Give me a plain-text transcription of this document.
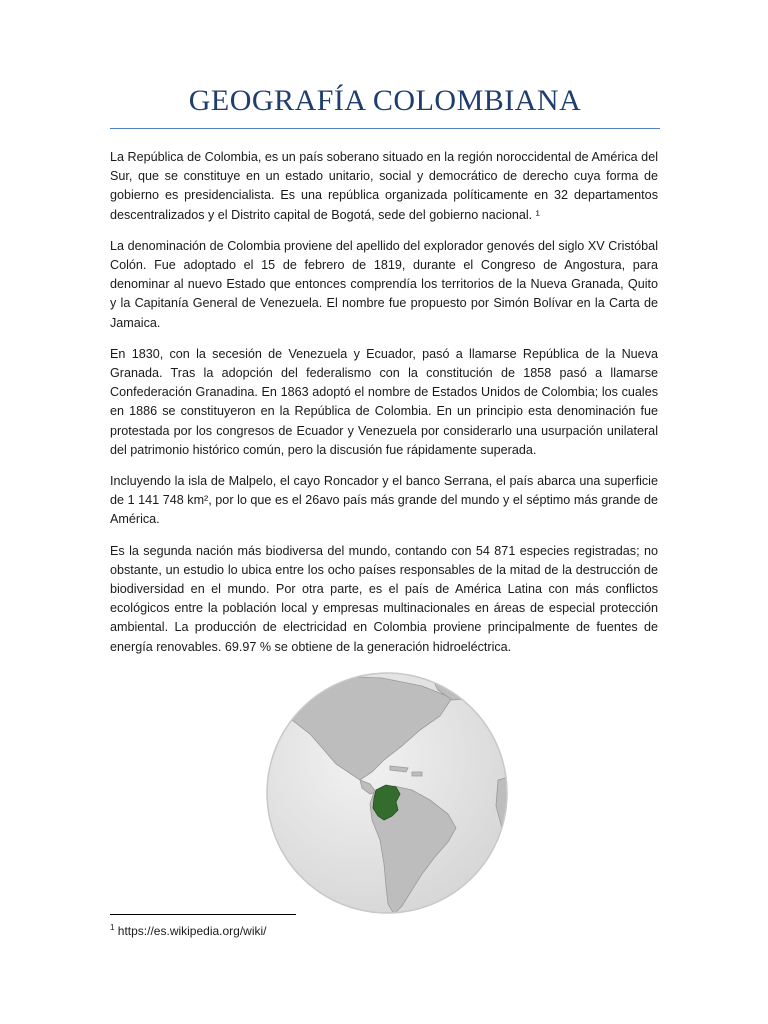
GEOGRAFÍA COLOMBIANA

La República de Colombia, es un país soberano situado en la región noroccidental de América del Sur, que se constituye en un estado unitario, social y democrático de derecho cuya forma de gobierno es presidencialista. Es una república organizada políticamente en 32 departamentos descentralizados y el Distrito capital de Bogotá, sede del gobierno nacional. ¹

La denominación de Colombia proviene del apellido del explorador genovés del siglo XV Cristóbal Colón. Fue adoptado el 15 de febrero de 1819, durante el Congreso de Angostura, para denominar al nuevo Estado que entonces comprendía los territorios de la Nueva Granada, Quito y la Capitanía General de Venezuela. El nombre fue propuesto por Simón Bolívar en la Carta de Jamaica.

En 1830, con la secesión de Venezuela y Ecuador, pasó a llamarse República de la Nueva Granada. Tras la adopción del federalismo con la constitución de 1858 pasó a llamarse Confederación Granadina. En 1863 adoptó el nombre de Estados Unidos de Colombia; los cuales en 1886 se constituyeron en la República de Colombia. En un principio esta denominación fue protestada por los congresos de Ecuador y Venezuela por considerarlo una usurpación unilateral del patrimonio histórico común, pero la discusión fue rápidamente superada.

Incluyendo la isla de Malpelo, el cayo Roncador y el banco Serrana, el país abarca una superficie de 1 141 748 km², por lo que es el 26avo país más grande del mundo y el séptimo más grande de América.

Es la segunda nación más biodiversa del mundo, contando con 54 871 especies registradas; no obstante, un estudio lo ubica entre los ocho países responsables de la mitad de la destrucción de biodiversidad en el mundo. Por otra parte, es el país de América Latina con más conflictos ecológicos entre la población local y empresas multinacionales en áreas de especial protección ambiental. La producción de electricidad en Colombia proviene principalmente de fuentes de energía renovables. 69.97 % se obtiene de la generación hidroeléctrica.

$^1$ https://es.wikipedia.org/wiki/
